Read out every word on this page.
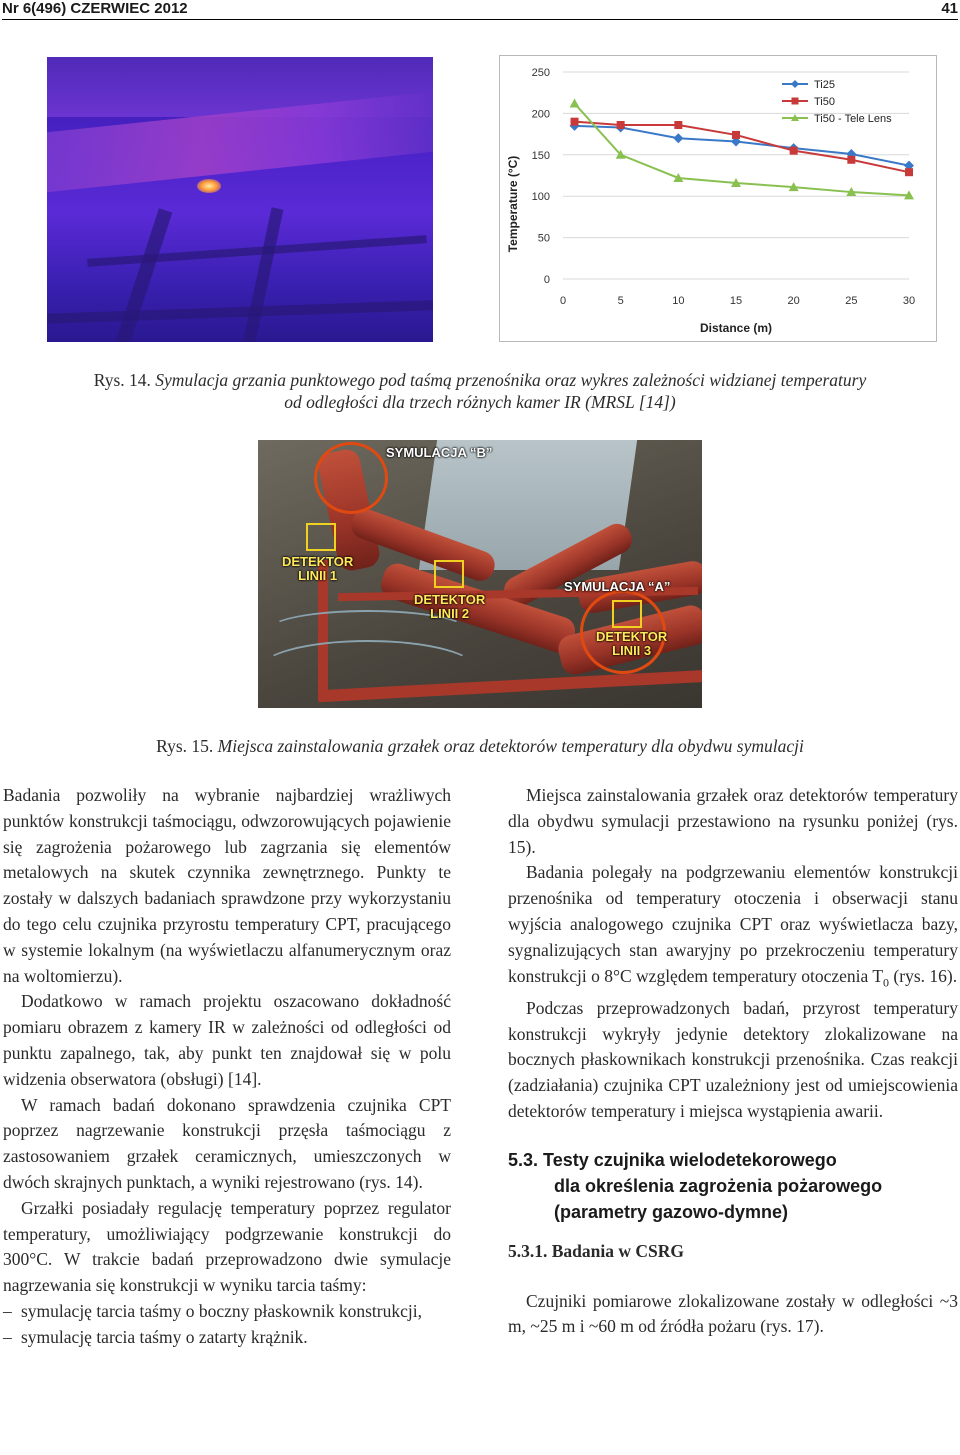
Nr 6(496) CZERWIEC 2012	41
250
200
150
100
50
0
0	5	10	15	20	25	30
Ti25
Ti50
Ti50 - Tele Lens
Temperature (°C)
Distance (m)
Rys. 14. Symulacja grzania punktowego pod taśmą przenośnika oraz wykres zależności widzianej temperatury
od odległości dla trzech różnych kamer IR (MRSL [14])
SYMULACJA “B”
SYMULACJA “A”
DETEKTOR
LINII 1
DETEKTOR
LINII 2
DETEKTOR
LINII 3
Rys. 15. Miejsca zainstalowania grzałek oraz detektorów temperatury dla obydwu symulacji

Badania pozwoliły na wybranie najbardziej wrażliwych punktów konstrukcji taśmociągu, odwzorowujących pojawienie się zagrożenia pożarowego lub zagrzania się elementów metalowych na skutek czynnika zewnętrznego. Punkty te zostały w dalszych badaniach sprawdzone przy wykorzystaniu do tego celu czujnika przyrostu temperatury CPT, pracującego w systemie lokalnym (na wyświetlaczu alfanumerycznym oraz na woltomierzu).

Dodatkowo w ramach projektu oszacowano dokładność pomiaru obrazem z kamery IR w zależności od odległości od punktu zapalnego, tak, aby punkt ten znajdował się w polu widzenia obserwatora (obsługi) [14].

W ramach badań dokonano sprawdzenia czujnika CPT poprzez nagrzewanie konstrukcji przęsła taśmociągu z zastosowaniem grzałek ceramicznych, umieszczonych w dwóch skrajnych punktach, a wyniki rejestrowano (rys. 14).

Grzałki posiadały regulację temperatury poprzez regulator temperatury, umożliwiający podgrzewanie konstrukcji do 300°C. W trakcie badań przeprowadzono dwie symulacje nagrzewania się konstrukcji w wyniku tarcia taśmy:

– symulację tarcia taśmy o boczny płaskownik konstrukcji,
– symulację tarcia taśmy o zatarty krążnik.

Miejsca zainstalowania grzałek oraz detektorów temperatury dla obydwu symulacji przestawiono na rysunku poniżej (rys. 15).

Badania polegały na podgrzewaniu elementów konstrukcji przenośnika od temperatury otoczenia i obserwacji stanu wyjścia analogowego czujnika CPT oraz wyświetlacza bazy, sygnalizujących stan awaryjny po przekroczeniu temperatury konstrukcji o 8°C względem temperatury otoczenia $T_0$ (rys. 16).

Podczas przeprowadzonych badań, przyrost temperatury konstrukcji wykryły jedynie detektory zlokalizowane na bocznych płaskownikach konstrukcji przenośnika. Czas reakcji (zadziałania) czujnika CPT uzależniony jest od umiejscowienia detektorów temperatury i miejsca wystąpienia awarii.

5.3. Testy czujnika wielodetekorowego
dla określenia zagrożenia pożarowego
(parametry gazowo-dymne)

5.3.1. Badania w CSRG

Czujniki pomiarowe zlokalizowane zostały w odległości ~3 m, ~25 m i ~60 m od źródła pożaru (rys. 17).
